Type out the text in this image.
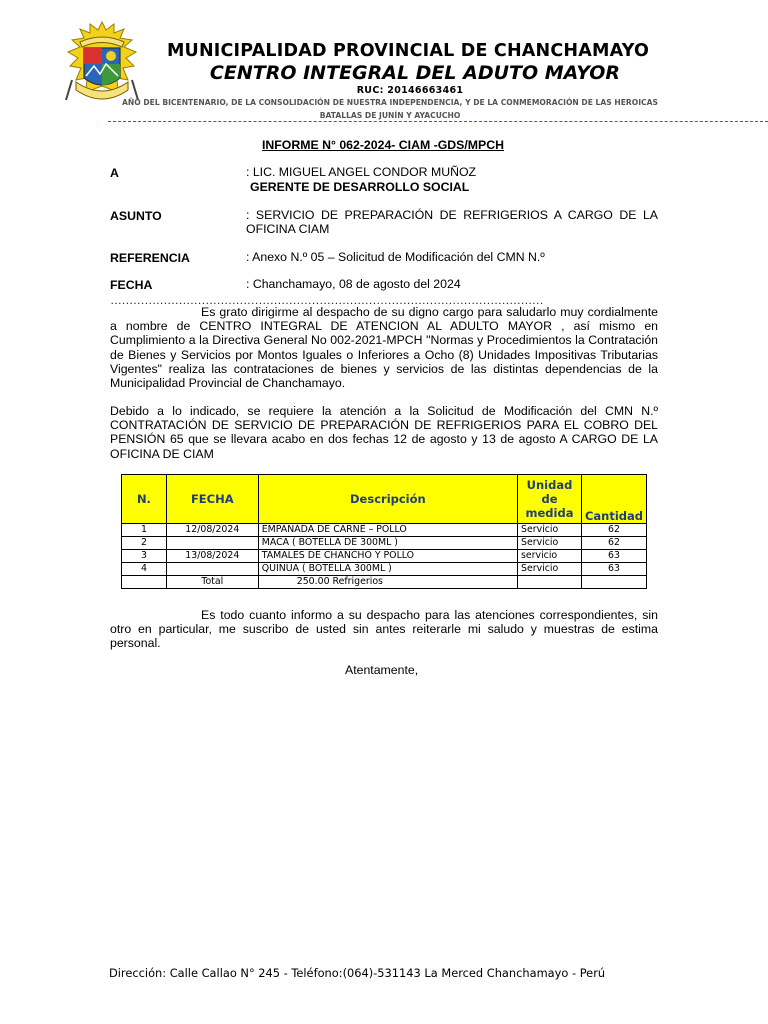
MUNICIPALIDAD PROVINCIAL DE CHANCHAMAYO
CENTRO INTEGRAL DEL ADUTO MAYOR
RUC: 20146663461
AÑO DEL BICENTENARIO, DE LA CONSOLIDACIÓN DE NUESTRA INDEPENDENCIA, Y DE LA CONMEMORACIÓN DE LAS HEROICAS
BATALLAS DE JUNÍN Y AYACUCHO
INFORME N° 062-2024- CIAM -GDS/MPCH
A	: LIC. MIGUEL ANGEL CONDOR MUÑOZ
GERENTE DE DESARROLLO SOCIAL
ASUNTO	: SERVICIO DE PREPARACIÓN DE REFRIGERIOS A CARGO DE LA OFICINA CIAM
REFERENCIA	: Anexo N.º 05 – Solicitud de Modificación del CMN N.º
FECHA	: Chanchamayo, 08 de agosto del 2024
……………………………………………………………………………………………………
Es grato dirigirme al despacho de su digno cargo para saludarlo muy cordialmente a nombre de CENTRO INTEGRAL DE ATENCION AL ADULTO MAYOR , así mismo en Cumplimiento a la Directiva General No 002-2021-MPCH "Normas y Procedimientos la Contratación de Bienes y Servicios por Montos Iguales o Inferiores a Ocho (8) Unidades Impositivas Tributarias Vigentes" realiza las contrataciones de bienes y servicios de las distintas dependencias de la Municipalidad Provincial de Chanchamayo.
Debido a lo indicado, se requiere la atención a la Solicitud de Modificación del CMN N.º CONTRATACIÓN DE SERVICIO DE PREPARACIÓN DE REFRIGERIOS PARA EL COBRO DEL PENSIÓN 65 que se llevara acabo en dos fechas 12 de agosto y 13 de agosto A CARGO DE LA OFICINA DE CIAM
N.	FECHA	Descripción	Unidad de medida	Cantidad
1	12/08/2024	EMPANADA DE CARNE – POLLO	Servicio	62
2		MACA ( BOTELLA DE 300ML )	Servicio	62
3	13/08/2024	TAMALES DE CHANCHO Y POLLO	servicio	63
4		QUINUA ( BOTELLA 300ML )	Servicio	63
	Total	250.00 Refrigerios		
Es todo cuanto informo a su despacho para las atenciones correspondientes, sin otro en particular, me suscribo de usted sin antes reiterarle mi saludo y muestras de estima personal.
Atentamente,
Dirección: Calle Callao N° 245 - Teléfono:(064)-531143 La Merced Chanchamayo - Perú
